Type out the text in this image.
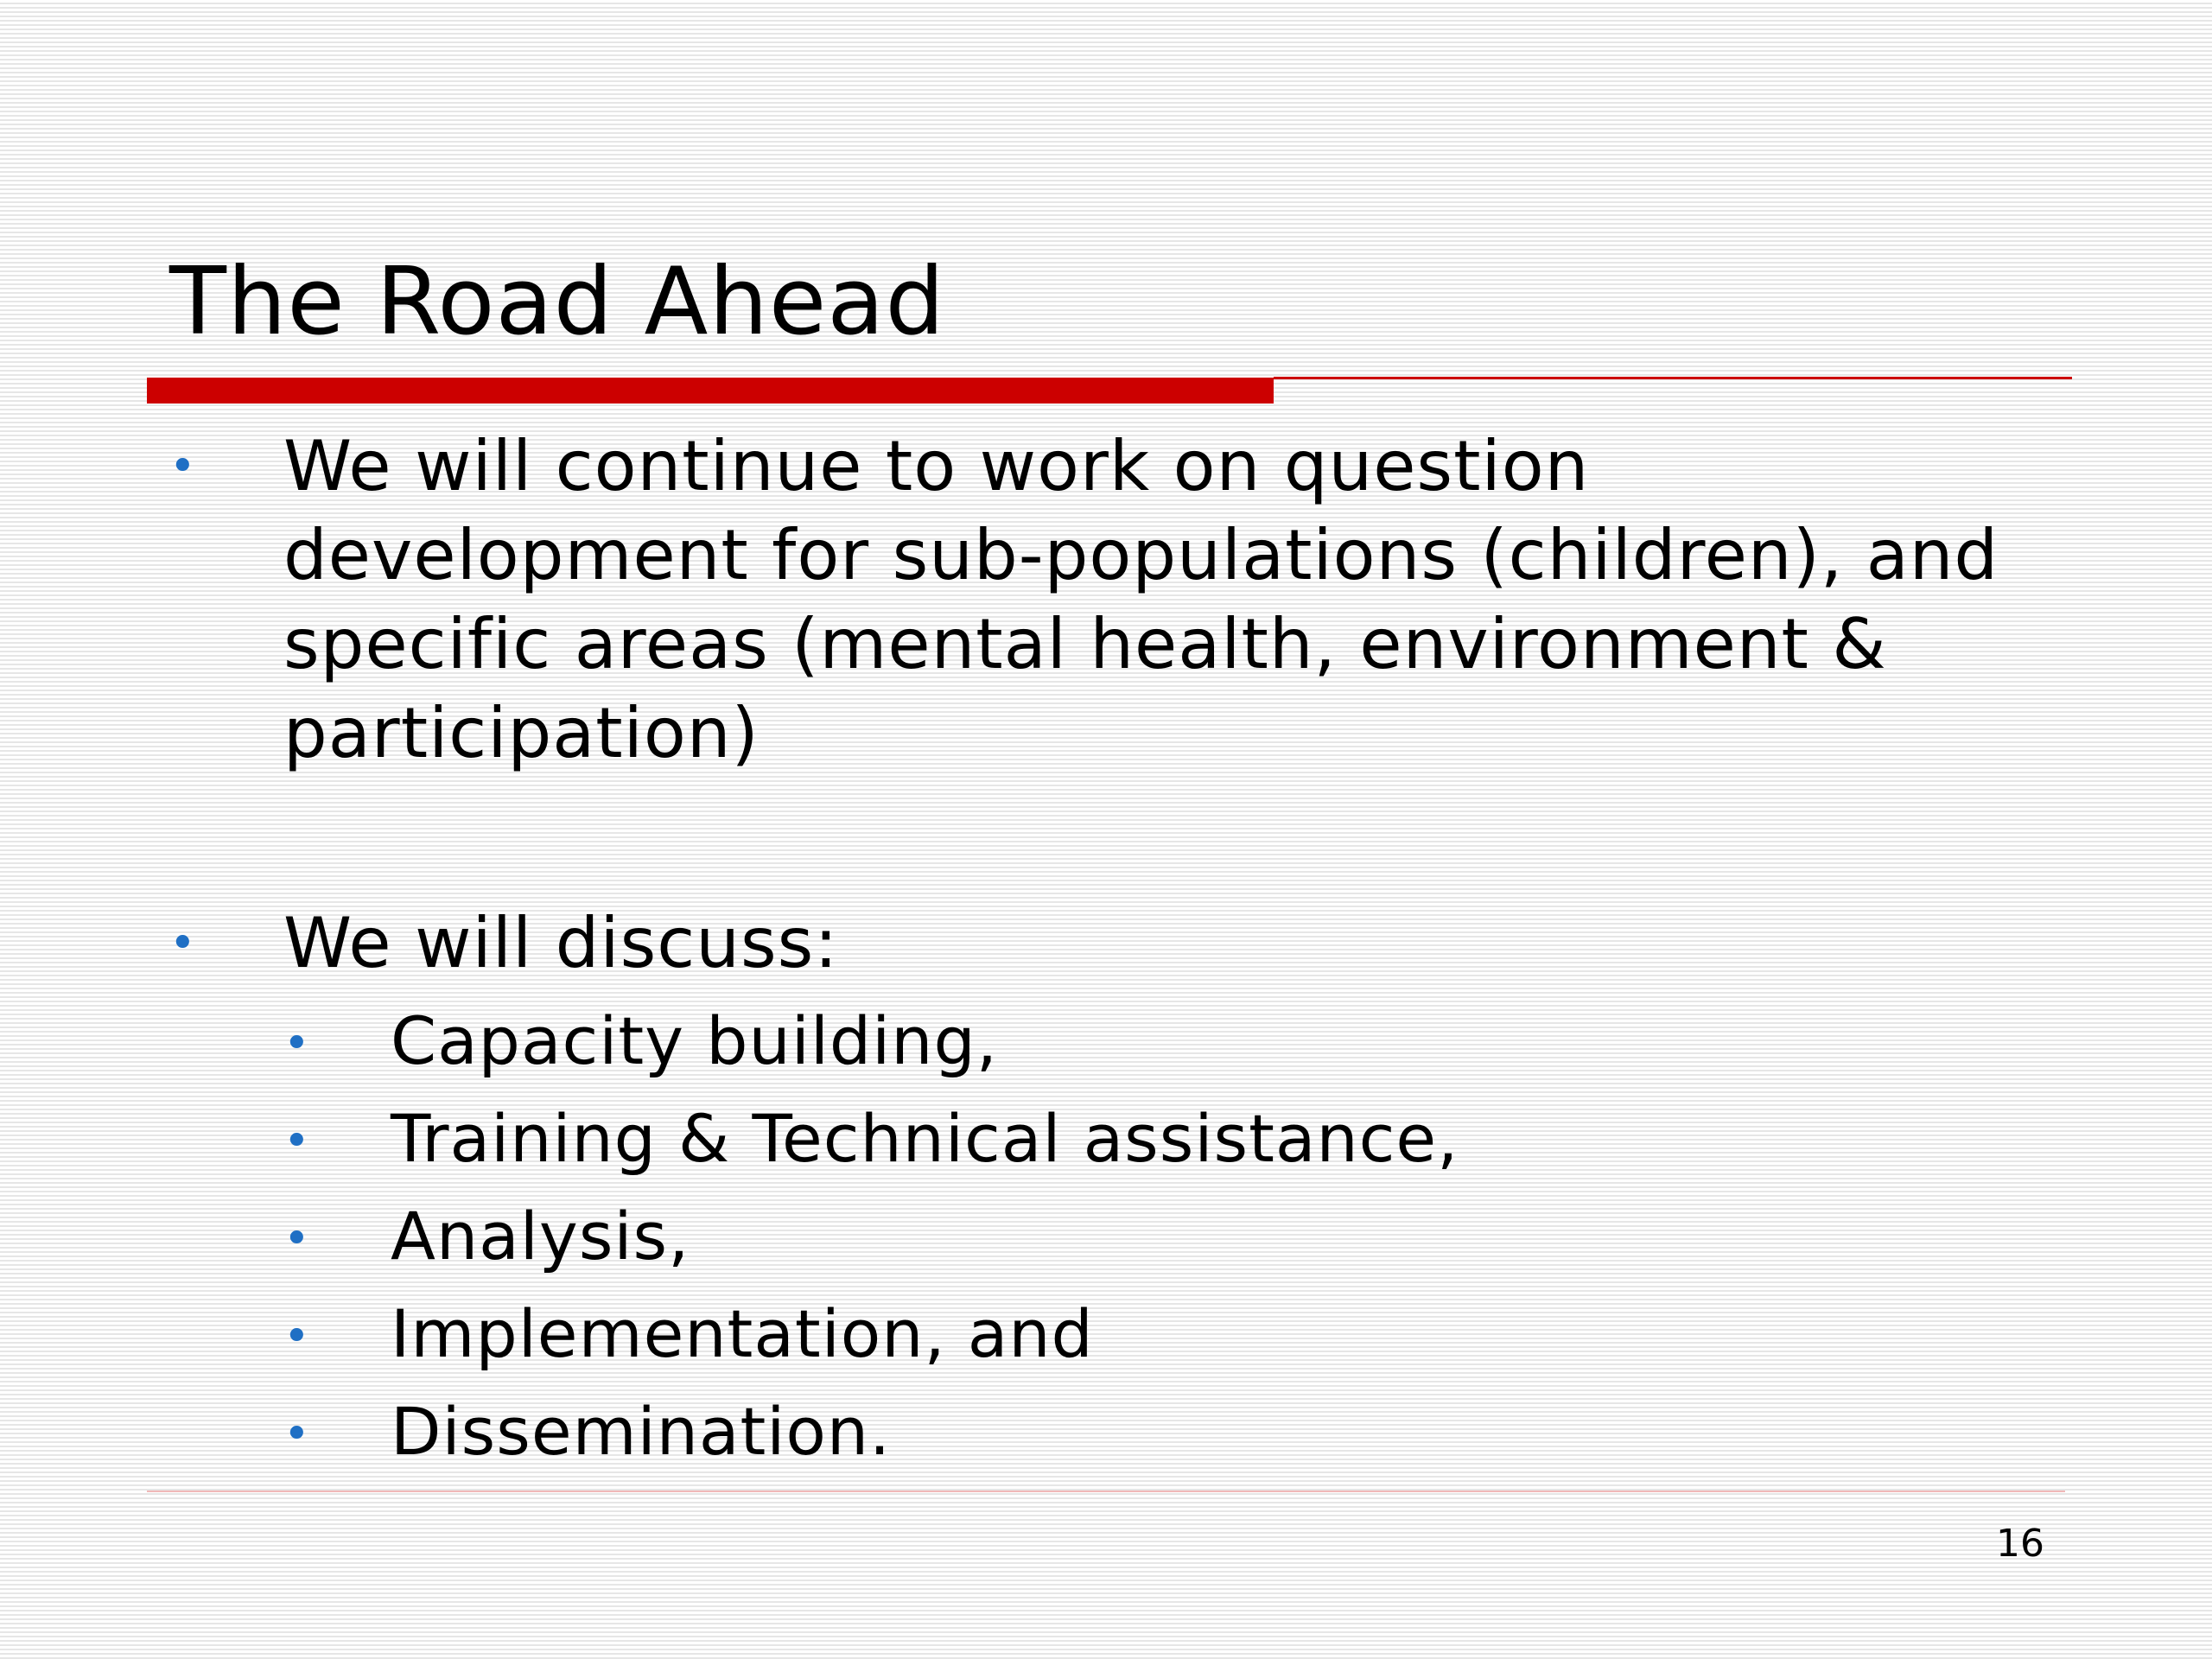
The Road Ahead
• We will continue to work on question development for sub-populations (children), and specific areas (mental health, environment & participation)
• We will discuss:
• Capacity building,
• Training & Technical assistance,
• Analysis,
• Implementation, and
• Dissemination.
16
